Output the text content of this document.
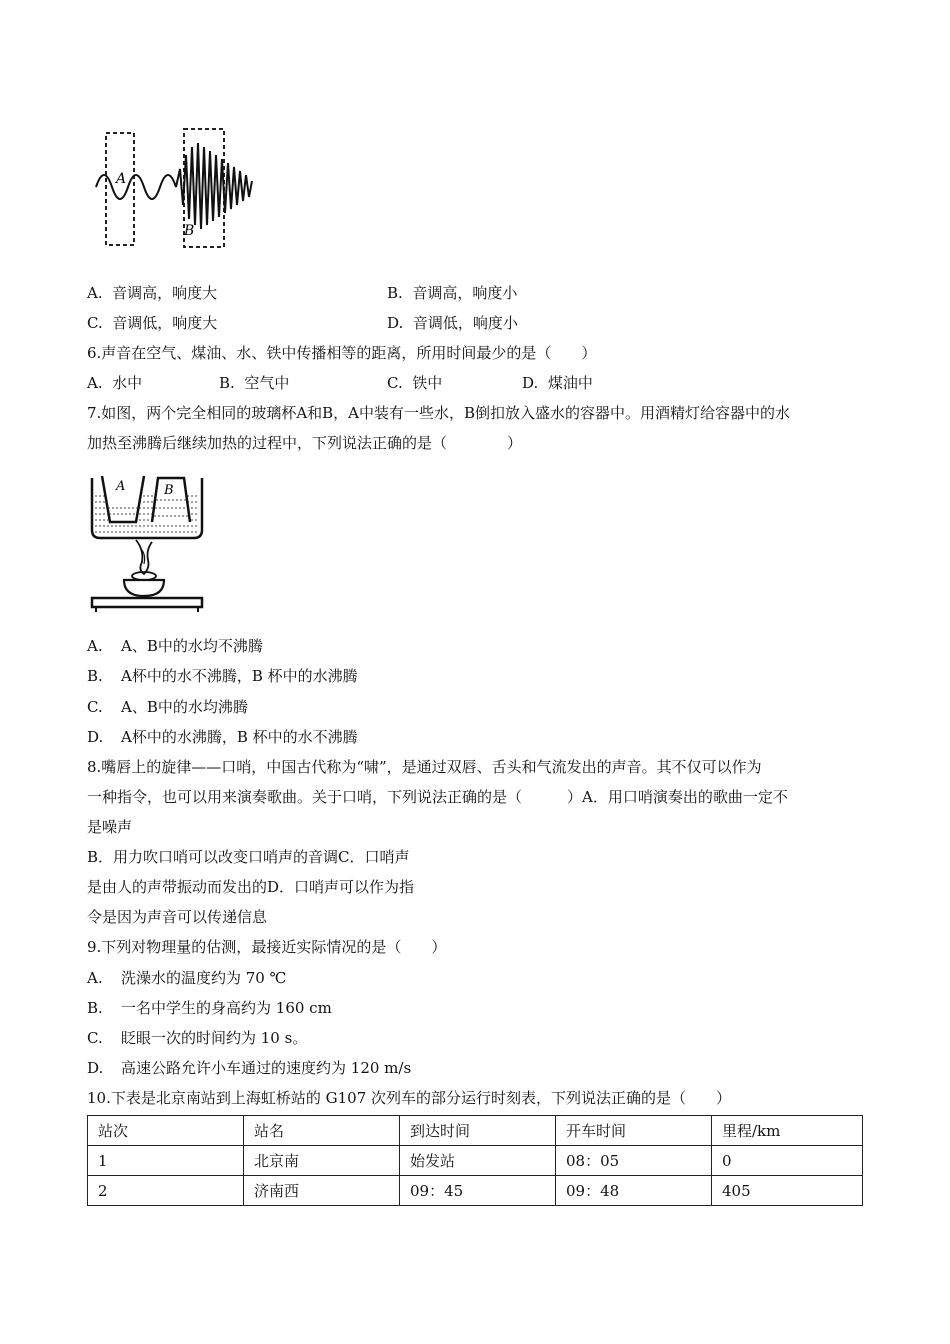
A
B
A. 音调高，响度大	B. 音调高，响度小
C. 音调低，响度大	D. 音调低，响度小
6.声音在空气、煤油、水、铁中传播相等的距离，所用时间最少的是（　　）
A. 水中	B. 空气中	C. 铁中	D. 煤油中
7.如图，两个完全相同的玻璃杯A和B，A中装有一些水，B倒扣放入盛水的容器中。用酒精灯给容器中的水
加热至沸腾后继续加热的过程中，下列说法正确的是（　　　　）
A	B
A. A、B中的水均不沸腾
B. A杯中的水不沸腾，B 杯中的水沸腾
C. A、B中的水均沸腾
D. A杯中的水沸腾，B 杯中的水不沸腾
8.嘴唇上的旋律——口哨，中国古代称为“啸”，是通过双唇、舌头和气流发出的声音。其不仅可以作为
一种指令，也可以用来演奏歌曲。关于口哨，下列说法正确的是（　　　）A．用口哨演奏出的歌曲一定不
是噪声
B．用力吹口哨可以改变口哨声的音调C．口哨声
是由人的声带振动而发出的D．口哨声可以作为指
令是因为声音可以传递信息
9.下列对物理量的估测，最接近实际情况的是（　　）
A. 洗澡水的温度约为 70 ℃
B. 一名中学生的身高约为 160 cm
C. 眨眼一次的时间约为 10 s。
D. 高速公路允许小车通过的速度约为 120 m/s
10.下表是北京南站到上海虹桥站的 G107 次列车的部分运行时刻表，下列说法正确的是（　　）
站次	站名	到达时间	开车时间	里程/km
1	北京南	始发站	08：05	0
2	济南西	09：45	09：48	405
